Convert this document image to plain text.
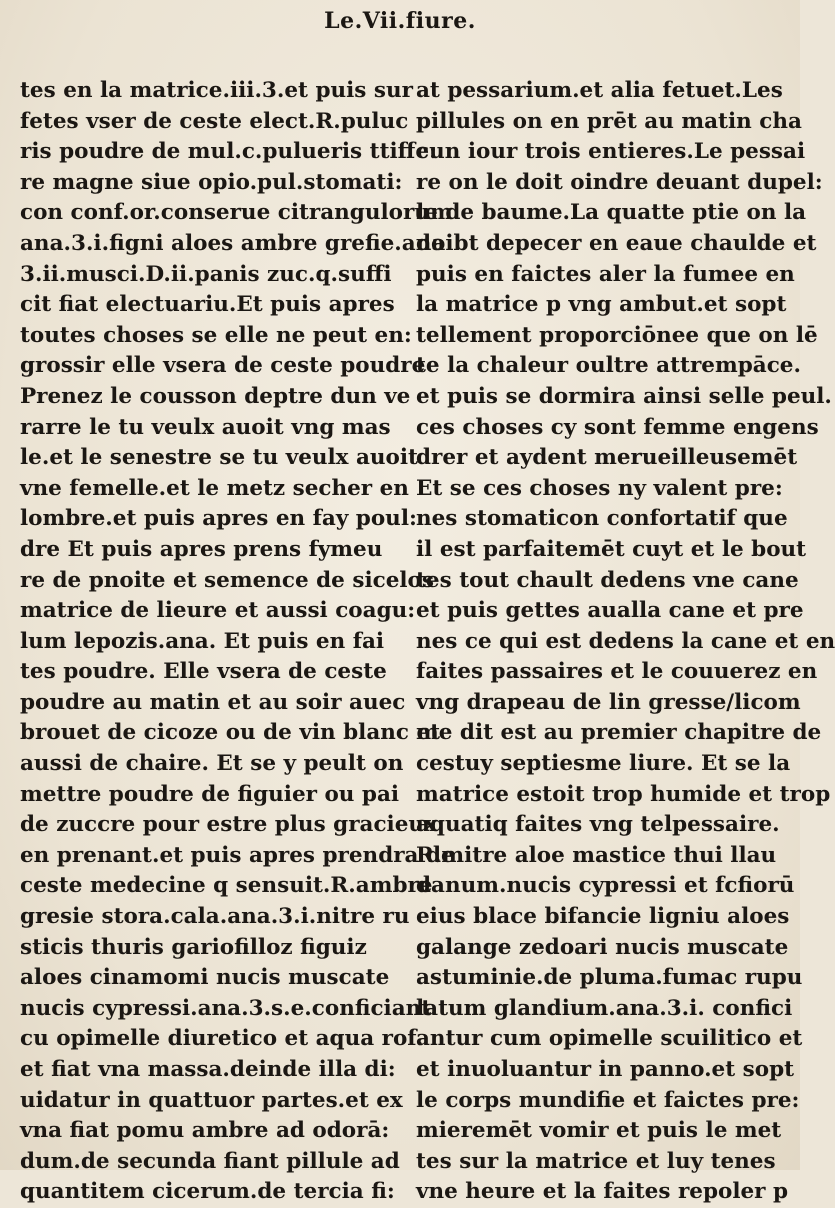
Le.Vii.fiure.
tes en la matrice.iii.3.et puis sur
fetes vser de ceste elect.R.puluc
ris poudre de mul.c.pulueris ttiffe:
re magne siue opio.pul.stomati:
con conf.or.conserue citrangulorum
ana.3.i.figni aloes ambre grefie.ana
3.ii.musci.D.ii.panis zuc.q.suffi
cit fiat electuariu.Et puis apres
toutes choses se elle ne peut en:
grossir elle vsera de ceste poudre
Prenez le cousson deptre dun ve
rarre le tu veulx auoit vng mas
le.et le senestre se tu veulx auoit
vne femelle.et le metz secher en
lombre.et puis apres en fay poul:
dre Et puis apres prens fymeu
re de pnoite et semence de sicelos
matrice de lieure et aussi coagu:
lum lepozis.ana. Et puis en fai
tes poudre. Elle vsera de ceste
poudre au matin et au soir auec
brouet de cicoze ou de vin blanc et
aussi de chaire. Et se y peult on
mettre poudre de figuier ou pai
de zuccre pour estre plus gracieux
en prenant.et puis apres prendra de
ceste medecine q sensuit.R.ambre
gresie stora.cala.ana.3.i.nitre ru
sticis thuris gariofilloz figuiz
aloes cinamomi nucis muscate
nucis cypressi.ana.3.s.e.conficiant
cu opimelle diuretico et aqua rof.
et fiat vna massa.deinde illa di:
uidatur in quattuor partes.et ex
vna fiat pomu ambre ad odorā:
dum.de secunda fiant pillule ad
quantitem cicerum.de tercia fi:
at pessarium.et alia fetuet.Les
pillules on en prēt au matin cha
cun iour trois entieres.Le pessai
re on le doit oindre deuant dupel:
le de baume.La quatte ptie on la
doibt depecer en eaue chaulde et
puis en faictes aler la fumee en
la matrice p vng ambut.et sopt
tellement proporciōnee que on lē
te la chaleur oultre attrempāce.
et puis se dormira ainsi selle peul.
ces choses cy sont femme engens
drer et aydent merueilleusemēt
Et se ces choses ny valent pre:
nes stomaticon confortatif que
il est parfaitemēt cuyt et le bout
tes tout chault dedens vne cane
et puis gettes aualla cane et pre
nes ce qui est dedens la cane et en
faites passaires et le couuerez en
vng drapeau de lin gresse/licom
me dit est au premier chapitre de
cestuy septiesme liure. Et se la
matrice estoit trop humide et trop
aquatiq faites vng telpessaire.
R.mitre aloe mastice thui llau
danum.nucis cypressi et fcfiorū
eius blace bifancie ligniu aloes
galange zedoari nucis muscate
astuminie.de pluma.fumac rupu
latum glandium.ana.3.i. confici
antur cum opimelle scuilitico et
et inuoluantur in panno.et sopt
le corps mundifie et faictes pre:
mieremēt vomir et puis le met
tes sur la matrice et luy tenes
vne heure et la faites repoler p
